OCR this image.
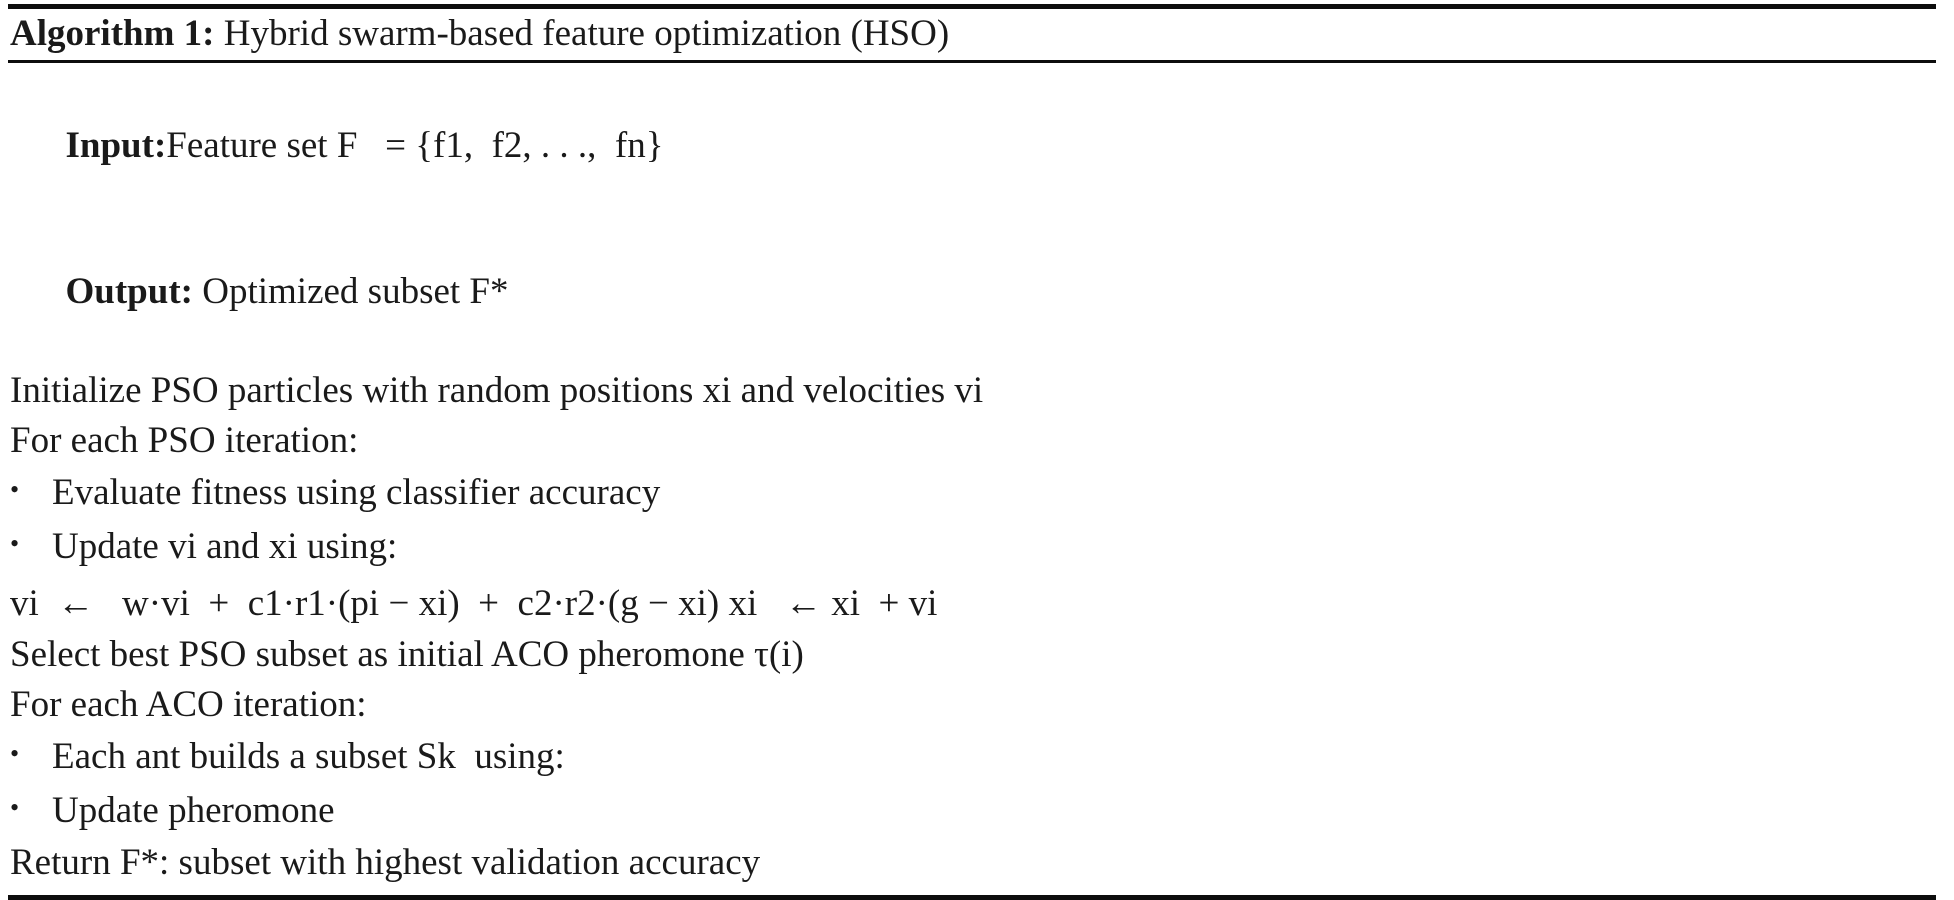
Algorithm 1: Hybrid swarm-based feature optimization (HSO)

Input:Feature set F   = {f1,  f2, . . .,  fn}

Output: Optimized subset F*

Initialize PSO particles with random positions xi and velocities vi
For each PSO iteration:
• Evaluate fitness using classifier accuracy
• Update vi and xi using:
vi  ←   w·vi  +  c1·r1·(pi − xi)  +  c2·r2·(g − xi) xi   ← xi  + vi
Select best PSO subset as initial ACO pheromone τ(i)
For each ACO iteration:
• Each ant builds a subset Sk  using:
• Update pheromone
Return F*: subset with highest validation accuracy
